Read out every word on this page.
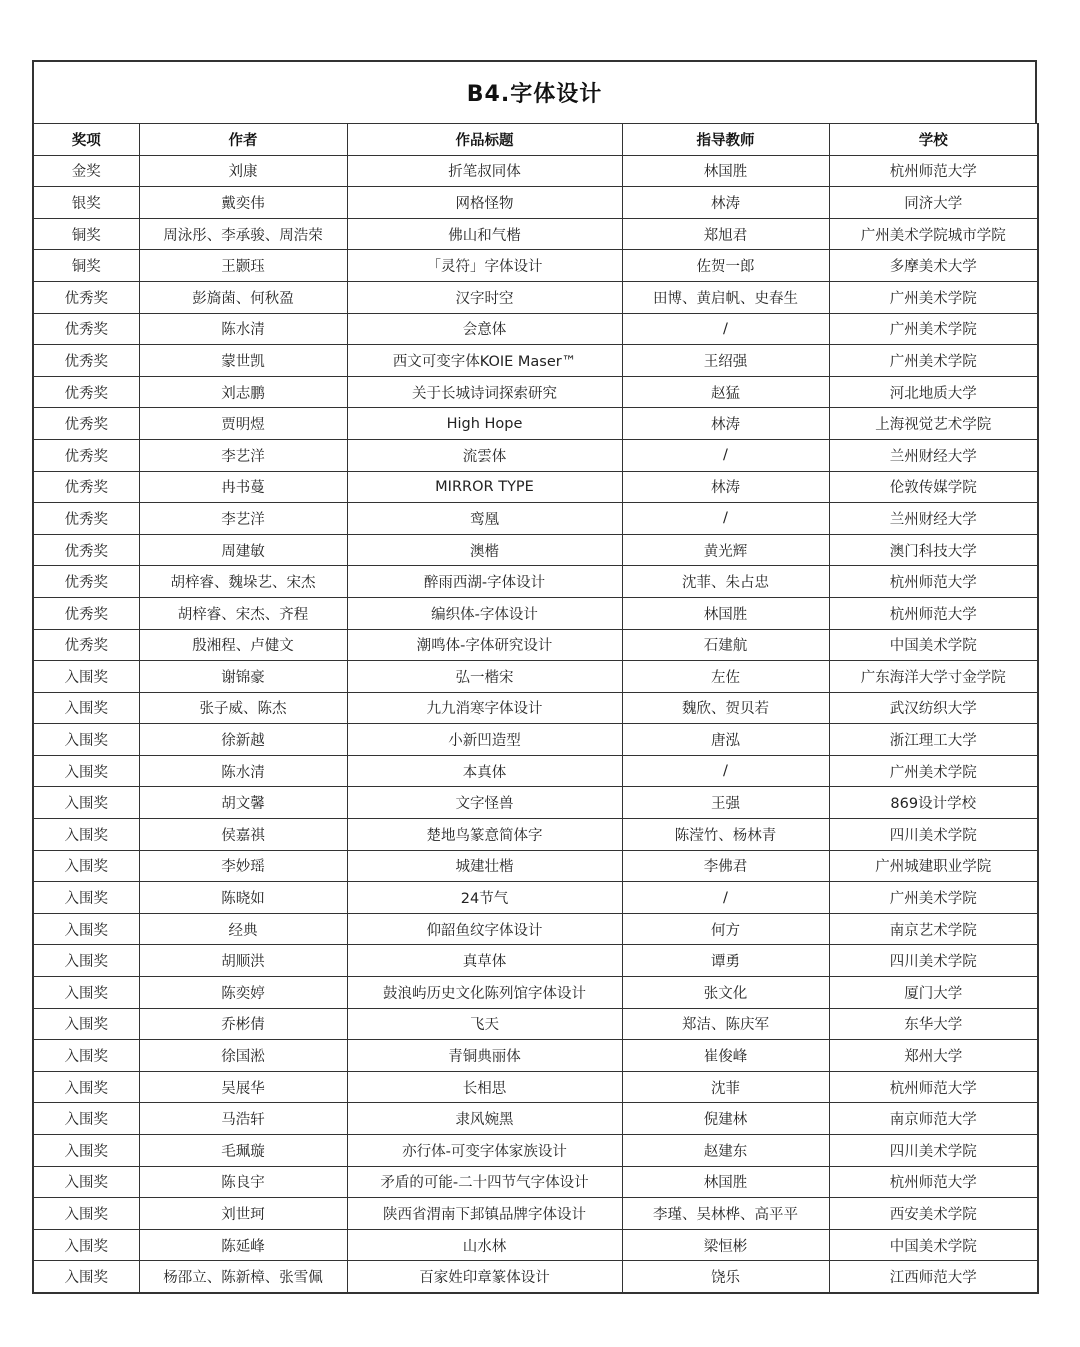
B4.字体设计
奖项	作者	作品标题	指导教师	学校
金奖	刘康	折笔叔同体	林国胜	杭州师范大学
银奖	戴奕伟	网格怪物	林涛	同济大学
铜奖	周泳彤、李承骏、周浩荣	佛山和气楷	郑旭君	广州美术学院城市学院
铜奖	王颢珏	「灵符」字体设计	佐贺一郎	多摩美术大学
优秀奖	彭旖菌、何秋盈	汉字时空	田博、黄启帆、史春生	广州美术学院
优秀奖	陈水清	会意体	/	广州美术学院
优秀奖	蒙世凯	西文可变字体KOIE Maser™	王绍强	广州美术学院
优秀奖	刘志鹏	关于长城诗词探索研究	赵猛	河北地质大学
优秀奖	贾明煜	High Hope	林涛	上海视觉艺术学院
优秀奖	李艺洋	流雲体	/	兰州财经大学
优秀奖	冉书蔓	MIRROR TYPE	林涛	伦敦传媒学院
优秀奖	李艺洋	鸾凰	/	兰州财经大学
优秀奖	周建敏	澳楷	黄光辉	澳门科技大学
优秀奖	胡梓睿、魏垛艺、宋杰	醉雨西湖-字体设计	沈菲、朱占忠	杭州师范大学
优秀奖	胡梓睿、宋杰、齐程	编织体-字体设计	林国胜	杭州师范大学
优秀奖	殷湘程、卢健文	潮鸣体-字体研究设计	石建航	中国美术学院
入围奖	谢锦豪	弘一楷宋	左佐	广东海洋大学寸金学院
入围奖	张子威、陈杰	九九消寒字体设计	魏欣、贺贝若	武汉纺织大学
入围奖	徐新越	小新凹造型	唐泓	浙江理工大学
入围奖	陈水清	本真体	/	广州美术学院
入围奖	胡文馨	文字怪兽	王强	869设计学校
入围奖	侯嘉祺	楚地鸟篆意简体字	陈滢竹、杨林青	四川美术学院
入围奖	李妙瑶	城建壮楷	李佛君	广州城建职业学院
入围奖	陈晓如	24节气	/	广州美术学院
入围奖	经典	仰韶鱼纹字体设计	何方	南京艺术学院
入围奖	胡顺洪	真草体	谭勇	四川美术学院
入围奖	陈奕婷	鼓浪屿历史文化陈列馆字体设计	张文化	厦门大学
入围奖	乔彬倩	飞天	郑洁、陈庆军	东华大学
入围奖	徐国淞	青铜典丽体	崔俊峰	郑州大学
入围奖	吴展华	长相思	沈菲	杭州师范大学
入围奖	马浩轩	隶风婉黑	倪建林	南京师范大学
入围奖	毛珮璇	亦行体-可变字体家族设计	赵建东	四川美术学院
入围奖	陈良宇	矛盾的可能-二十四节气字体设计	林国胜	杭州师范大学
入围奖	刘世珂	陕西省渭南下邽镇品牌字体设计	李瑾、吴林桦、高平平	西安美术学院
入围奖	陈延峰	山水林	梁恒彬	中国美术学院
入围奖	杨邵立、陈新樟、张雪佩	百家姓印章篆体设计	饶乐	江西师范大学
